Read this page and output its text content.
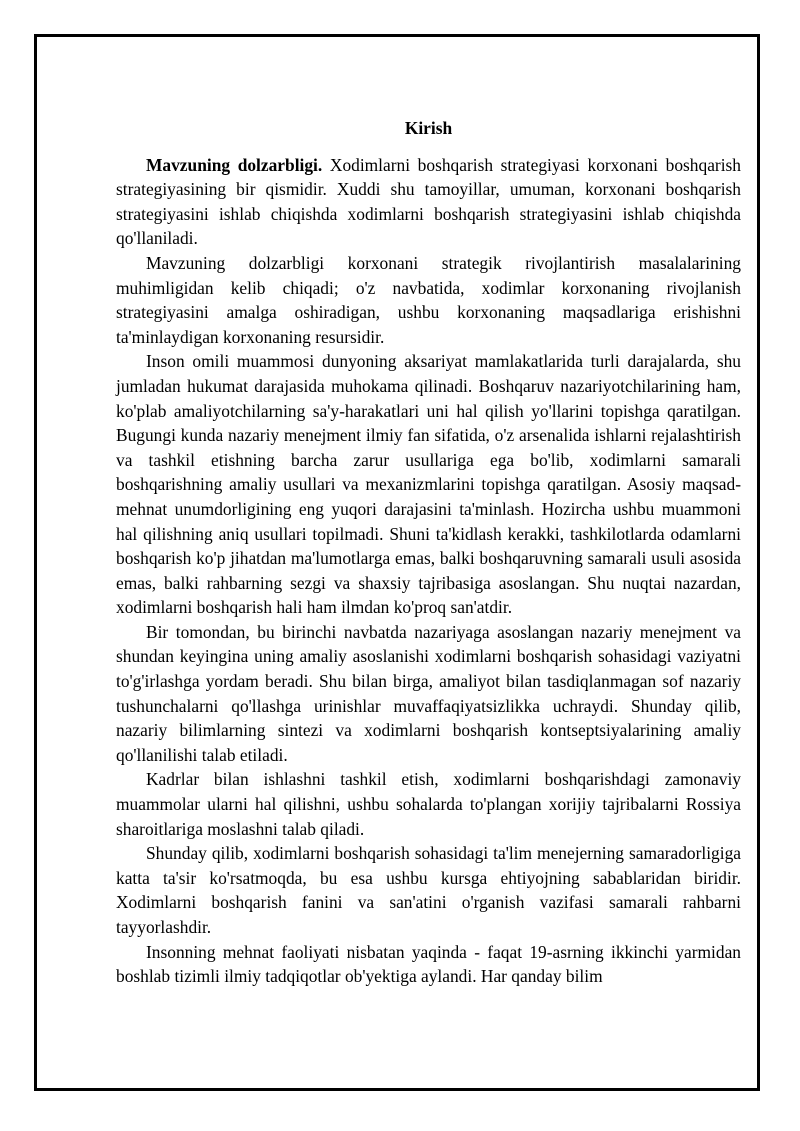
Kirish

Mavzuning dolzarbligi. Xodimlarni boshqarish strategiyasi korxonani boshqarish strategiyasining bir qismidir. Xuddi shu tamoyillar, umuman, korxonani boshqarish strategiyasini ishlab chiqishda xodimlarni boshqarish strategiyasini ishlab chiqishda qo'llaniladi.

Mavzuning dolzarbligi korxonani strategik rivojlantirish masalalarining muhimligidan kelib chiqadi; o'z navbatida, xodimlar korxonaning rivojlanish strategiyasini amalga oshiradigan, ushbu korxonaning maqsadlariga erishishni ta'minlaydigan korxonaning resursidir.

Inson omili muammosi dunyoning aksariyat mamlakatlarida turli darajalarda, shu jumladan hukumat darajasida muhokama qilinadi. Boshqaruv nazariyotchilarining ham, ko'plab amaliyotchilarning sa'y-harakatlari uni hal qilish yo'llarini topishga qaratilgan. Bugungi kunda nazariy menejment ilmiy fan sifatida, o'z arsenalida ishlarni rejalashtirish va tashkil etishning barcha zarur usullariga ega bo'lib, xodimlarni samarali boshqarishning amaliy usullari va mexanizmlarini topishga qaratilgan. Asosiy maqsad-mehnat unumdorligining eng yuqori darajasini ta'minlash. Hozircha ushbu muammoni hal qilishning aniq usullari topilmadi. Shuni ta'kidlash kerakki, tashkilotlarda odamlarni boshqarish ko'p jihatdan ma'lumotlarga emas, balki boshqaruvning samarali usuli asosida emas, balki rahbarning sezgi va shaxsiy tajribasiga asoslangan. Shu nuqtai nazardan, xodimlarni boshqarish hali ham ilmdan ko'proq san'atdir.

Bir tomondan, bu birinchi navbatda nazariyaga asoslangan nazariy menejment va shundan keyingina uning amaliy asoslanishi xodimlarni boshqarish sohasidagi vaziyatni to'g'irlashga yordam beradi. Shu bilan birga, amaliyot bilan tasdiqlanmagan sof nazariy tushunchalarni qo'llashga urinishlar muvaffaqiyatsizlikka uchraydi. Shunday qilib, nazariy bilimlarning sintezi va xodimlarni boshqarish kontseptsiyalarining amaliy qo'llanilishi talab etiladi.

Kadrlar bilan ishlashni tashkil etish, xodimlarni boshqarishdagi zamonaviy muammolar ularni hal qilishni, ushbu sohalarda to'plangan xorijiy tajribalarni Rossiya sharoitlariga moslashni talab qiladi.

Shunday qilib, xodimlarni boshqarish sohasidagi ta'lim menejerning samaradorligiga katta ta'sir ko'rsatmoqda, bu esa ushbu kursga ehtiyojning sabablaridan biridir. Xodimlarni boshqarish fanini va san'atini o'rganish vazifasi samarali rahbarni tayyorlashdir.

Insonning mehnat faoliyati nisbatan yaqinda - faqat 19-asrning ikkinchi yarmidan boshlab tizimli ilmiy tadqiqotlar ob'yektiga aylandi. Har qanday bilim
